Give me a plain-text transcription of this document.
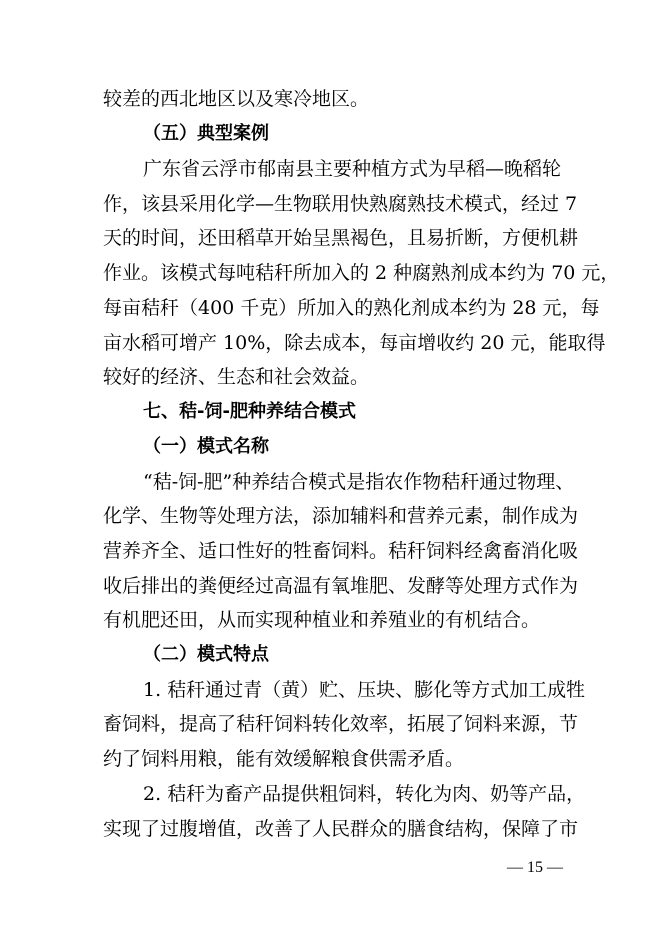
较差的西北地区以及寒冷地区。
（五）典型案例
广东省云浮市郁南县主要种植方式为早稻—晚稻轮
作，该县采用化学—生物联用快熟腐熟技术模式，经过 7
天的时间，还田稻草开始呈黑褐色，且易折断，方便机耕
作业。该模式每吨秸秆所加入的 2 种腐熟剂成本约为 70 元，
每亩秸秆（400 千克）所加入的熟化剂成本约为 28 元，每
亩水稻可增产 10%，除去成本，每亩增收约 20 元，能取得
较好的经济、生态和社会效益。
七、秸-饲-肥种养结合模式
（一）模式名称
“秸-饲-肥”种养结合模式是指农作物秸秆通过物理、
化学、生物等处理方法，添加辅料和营养元素，制作成为
营养齐全、适口性好的牲畜饲料。秸秆饲料经禽畜消化吸
收后排出的粪便经过高温有氧堆肥、发酵等处理方式作为
有机肥还田，从而实现种植业和养殖业的有机结合。
（二）模式特点
1. 秸秆通过青（黄）贮、压块、膨化等方式加工成牲
畜饲料，提高了秸秆饲料转化效率，拓展了饲料来源，节
约了饲料用粮，能有效缓解粮食供需矛盾。
2. 秸秆为畜产品提供粗饲料，转化为肉、奶等产品，
实现了过腹增值，改善了人民群众的膳食结构，保障了市
— 15 —
